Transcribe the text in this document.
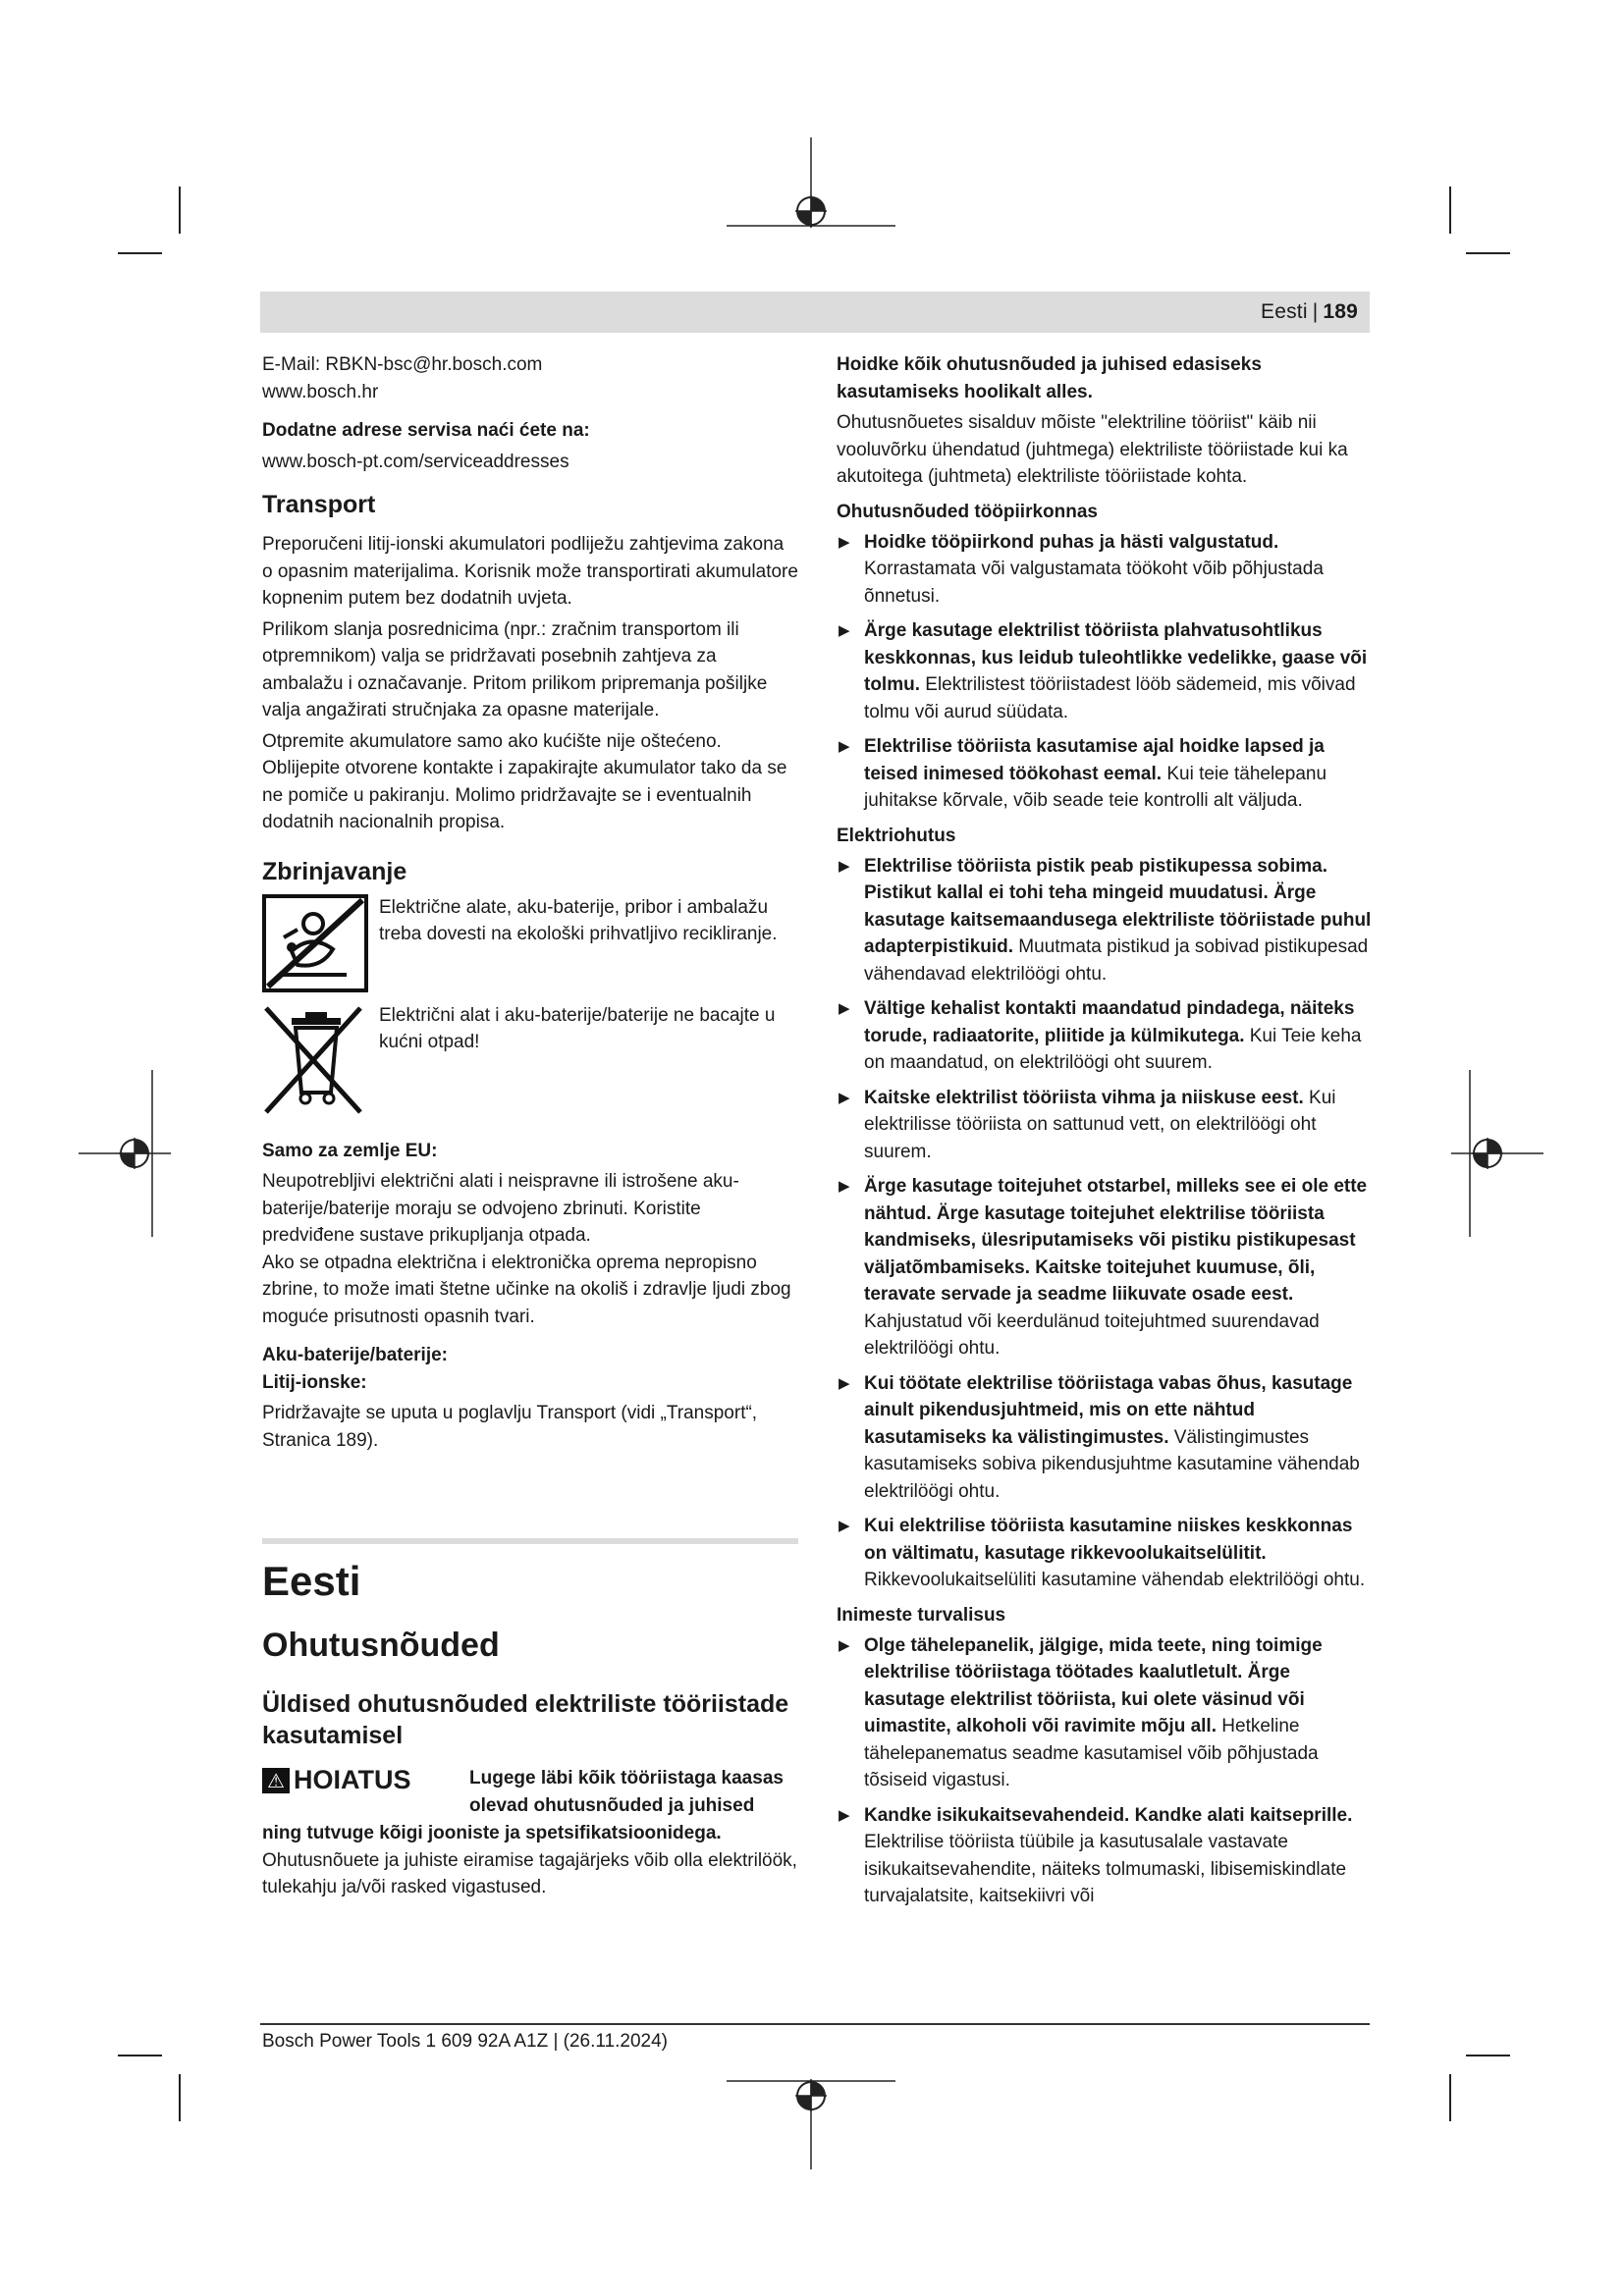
Eesti | 189

E-Mail: RBKN-bsc@hr.bosch.com

www.bosch.hr

Dodatne adrese servisa naći ćete na:

www.bosch-pt.com/serviceaddresses

Transport

Preporučeni litij-ionski akumulatori podliježu zahtjevima zakona o opasnim materijalima. Korisnik može transportirati akumulatore kopnenim putem bez dodatnih uvjeta.

Prilikom slanja posrednicima (npr.: zračnim transportom ili otpremnikom) valja se pridržavati posebnih zahtjeva za ambalažu i označavanje. Pritom prilikom pripremanja pošiljke valja angažirati stručnjaka za opasne materijale.

Otpremite akumulatore samo ako kućište nije oštećeno. Oblijepite otvorene kontakte i zapakirajte akumulator tako da se ne pomiče u pakiranju. Molimo pridržavajte se i eventualnih dodatnih nacionalnih propisa.

Zbrinjavanje

Električne alate, aku-baterije, pribor i ambalažu treba dovesti na ekološki prihvatljivo recikliranje.

Električni alat i aku-baterije/baterije ne bacajte u kućni otpad!

Samo za zemlje EU:

Neupotrebljivi električni alati i neispravne ili istrošene aku-baterije/baterije moraju se odvojeno zbrinuti. Koristite predviđene sustave prikupljanja otpada.

Ako se otpadna električna i elektronička oprema nepropisno zbrine, to može imati štetne učinke na okoliš i zdravlje ljudi zbog moguće prisutnosti opasnih tvari.

Aku-baterije/baterije:

Litij-ionske:

Pridržavajte se uputa u poglavlju Transport (vidi „Transport“, Stranica 189).

Eesti
Ohutusnõuded
Üldised ohutusnõuded elektriliste tööriistade kasutamisel
⚠ HOIATUS	Lugege läbi kõik tööriistaga kaasas olevad ohutusnõuded ja juhised

ning tutvuge kõigi jooniste ja spetsifikatsioonidega.

Ohutusnõuete ja juhiste eiramise tagajärjeks võib olla elektrilöök, tulekahju ja/või rasked vigastused.

Hoidke kõik ohutusnõuded ja juhised edasiseks kasutamiseks hoolikalt alles.

Ohutusnõuetes sisalduv mõiste "elektriline tööriist" käib nii vooluvõrku ühendatud (juhtmega) elektriliste tööriistade kui ka akutoitega (juhtmeta) elektriliste tööriistade kohta.

Ohutusnõuded tööpiirkonnas
▶ Hoidke tööpiirkond puhas ja hästi valgustatud. Korrastamata või valgustamata töökoht võib põhjustada õnnetusi.
▶ Ärge kasutage elektrilist tööriista plahvatusohtlikus keskkonnas, kus leidub tuleohtlikke vedelikke, gaase või tolmu. Elektrilistest tööriistadest lööb sädemeid, mis võivad tolmu või aurud süüdata.
▶ Elektrilise tööriista kasutamise ajal hoidke lapsed ja teised inimesed töökohast eemal. Kui teie tähelepanu juhitakse kõrvale, võib seade teie kontrolli alt väljuda.
Elektriohutus
▶ Elektrilise tööriista pistik peab pistikupessa sobima. Pistikut kallal ei tohi teha mingeid muudatusi. Ärge kasutage kaitsemaandusega elektriliste tööriistade puhul adapterpistikuid. Muutmata pistikud ja sobivad pistikupesad vähendavad elektrilöögi ohtu.
▶ Vältige kehalist kontakti maandatud pindadega, näiteks torude, radiaatorite, pliitide ja külmikutega. Kui Teie keha on maandatud, on elektrilöögi oht suurem.
▶ Kaitske elektrilist tööriista vihma ja niiskuse eest. Kui elektrilisse tööriista on sattunud vett, on elektrilöögi oht suurem.
▶ Ärge kasutage toitejuhet otstarbel, milleks see ei ole ette nähtud. Ärge kasutage toitejuhet elektrilise tööriista kandmiseks, ülesriputamiseks või pistiku pistikupesast väljatõmbamiseks. Kaitske toitejuhet kuumuse, õli, teravate servade ja seadme liikuvate osade eest. Kahjustatud või keerdulänud toitejuhtmed suurendavad elektrilöögi ohtu.
▶ Kui töötate elektrilise tööriistaga vabas õhus, kasutage ainult pikendusjuhtmeid, mis on ette nähtud kasutamiseks ka välistingimustes. Välistingimustes kasutamiseks sobiva pikendusjuhtme kasutamine vähendab elektrilöögi ohtu.
▶ Kui elektrilise tööriista kasutamine niiskes keskkonnas on vältimatu, kasutage rikkevoolukaitselülitit. Rikkevoolukaitselüliti kasutamine vähendab elektrilöögi ohtu.
Inimeste turvalisus
▶ Olge tähelepanelik, jälgige, mida teete, ning toimige elektrilise tööriistaga töötades kaalutletult. Ärge kasutage elektrilist tööriista, kui olete väsinud või uimastite, alkoholi või ravimite mõju all. Hetkeline tähelepanematus seadme kasutamisel võib põhjustada tõsiseid vigastusi.
▶ Kandke isikukaitsevahendeid. Kandke alati kaitseprille. Elektrilise tööriista tüübile ja kasutusalale vastavate isikukaitsevahendite, näiteks tolmumaski, libisemiskindlate turvajalatsite, kaitsekiivri või
Bosch Power Tools 1 609 92A A1Z | (26.11.2024)
